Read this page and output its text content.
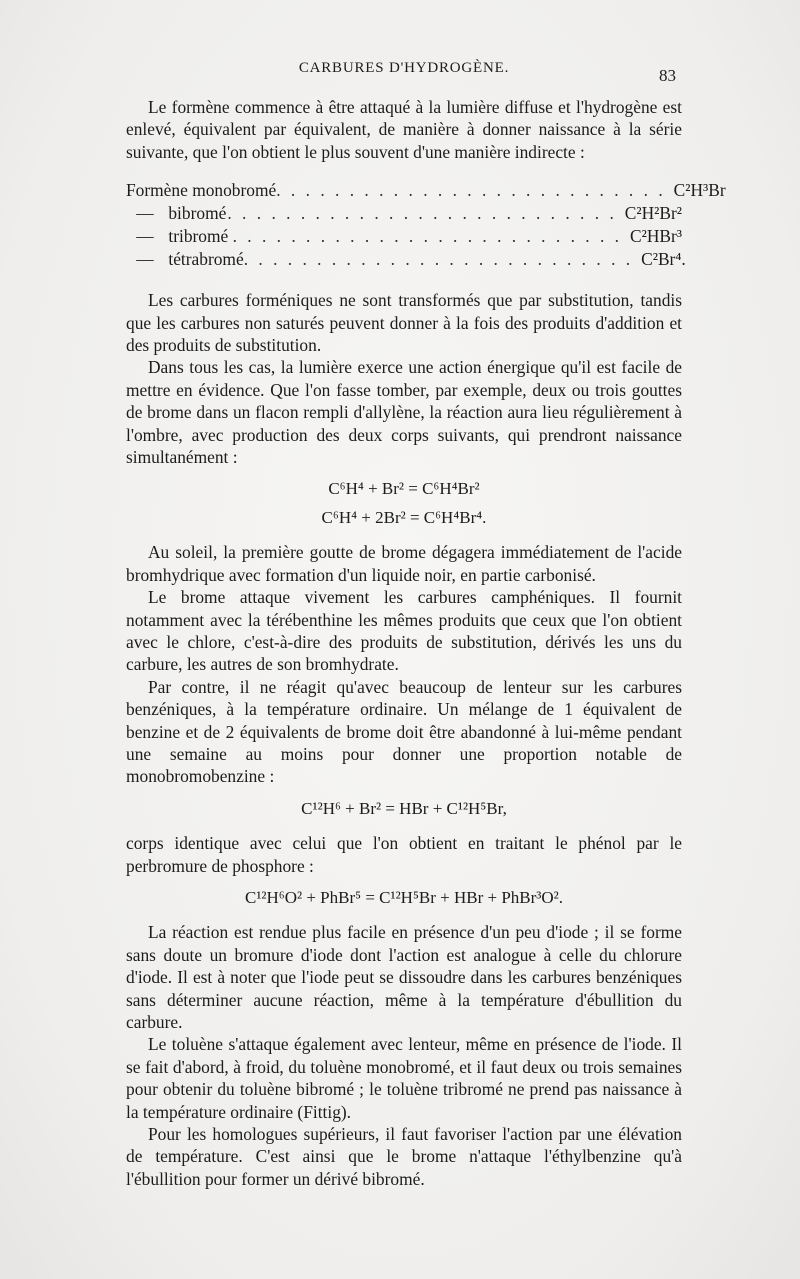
CARBURES D'HYDROGÈNE.	83

Le formène commence à être attaqué à la lumière diffuse et l'hydrogène est enlevé, équivalent par équivalent, de manière à donner naissance à la série suivante, que l'on obtient le plus souvent d'une manière indirecte :

Formène monobromé . . . . . . . . . . . . . . . . . . . . . . . . . . . C²H³Br
— bibromé . . . . . . . . . . . . . . . . . . . . . . . . . . . C²H²Br²
— tribromé . . . . . . . . . . . . . . . . . . . . . . . . . . . C²HBr³
— tétrabromé . . . . . . . . . . . . . . . . . . . . . . . . . . . C²Br⁴.

Les carbures forméniques ne sont transformés que par substitution, tandis que les carbures non saturés peuvent donner à la fois des produits d'addition et des produits de substitution.

Dans tous les cas, la lumière exerce une action énergique qu'il est facile de mettre en évidence. Que l'on fasse tomber, par exemple, deux ou trois gouttes de brome dans un flacon rempli d'allylène, la réaction aura lieu régulièrement à l'ombre, avec production des deux corps suivants, qui prendront naissance simultanément :

C⁶H⁴ + Br² = C⁶H⁴Br²
C⁶H⁴ + 2Br² = C⁶H⁴Br⁴.

Au soleil, la première goutte de brome dégagera immédiatement de l'acide bromhydrique avec formation d'un liquide noir, en partie carbonisé.

Le brome attaque vivement les carbures camphéniques. Il fournit notamment avec la térébenthine les mêmes produits que ceux que l'on obtient avec le chlore, c'est-à-dire des produits de substitution, dérivés les uns du carbure, les autres de son bromhydrate.

Par contre, il ne réagit qu'avec beaucoup de lenteur sur les carbures benzéniques, à la température ordinaire. Un mélange de 1 équivalent de benzine et de 2 équivalents de brome doit être abandonné à lui-même pendant une semaine au moins pour donner une proportion notable de monobromobenzine :

C¹²H⁶ + Br² = HBr + C¹²H⁵Br,

corps identique avec celui que l'on obtient en traitant le phénol par le perbromure de phosphore :

C¹²H⁶O² + PhBr⁵ = C¹²H⁵Br + HBr + PhBr³O².

La réaction est rendue plus facile en présence d'un peu d'iode ; il se forme sans doute un bromure d'iode dont l'action est analogue à celle du chlorure d'iode. Il est à noter que l'iode peut se dissoudre dans les carbures benzéniques sans déterminer aucune réaction, même à la température d'ébullition du carbure.

Le toluène s'attaque également avec lenteur, même en présence de l'iode. Il se fait d'abord, à froid, du toluène monobromé, et il faut deux ou trois semaines pour obtenir du toluène bibromé ; le toluène tribromé ne prend pas naissance à la température ordinaire (Fittig).

Pour les homologues supérieurs, il faut favoriser l'action par une élévation de température. C'est ainsi que le brome n'attaque l'éthylbenzine qu'à l'ébullition pour former un dérivé bibromé.
